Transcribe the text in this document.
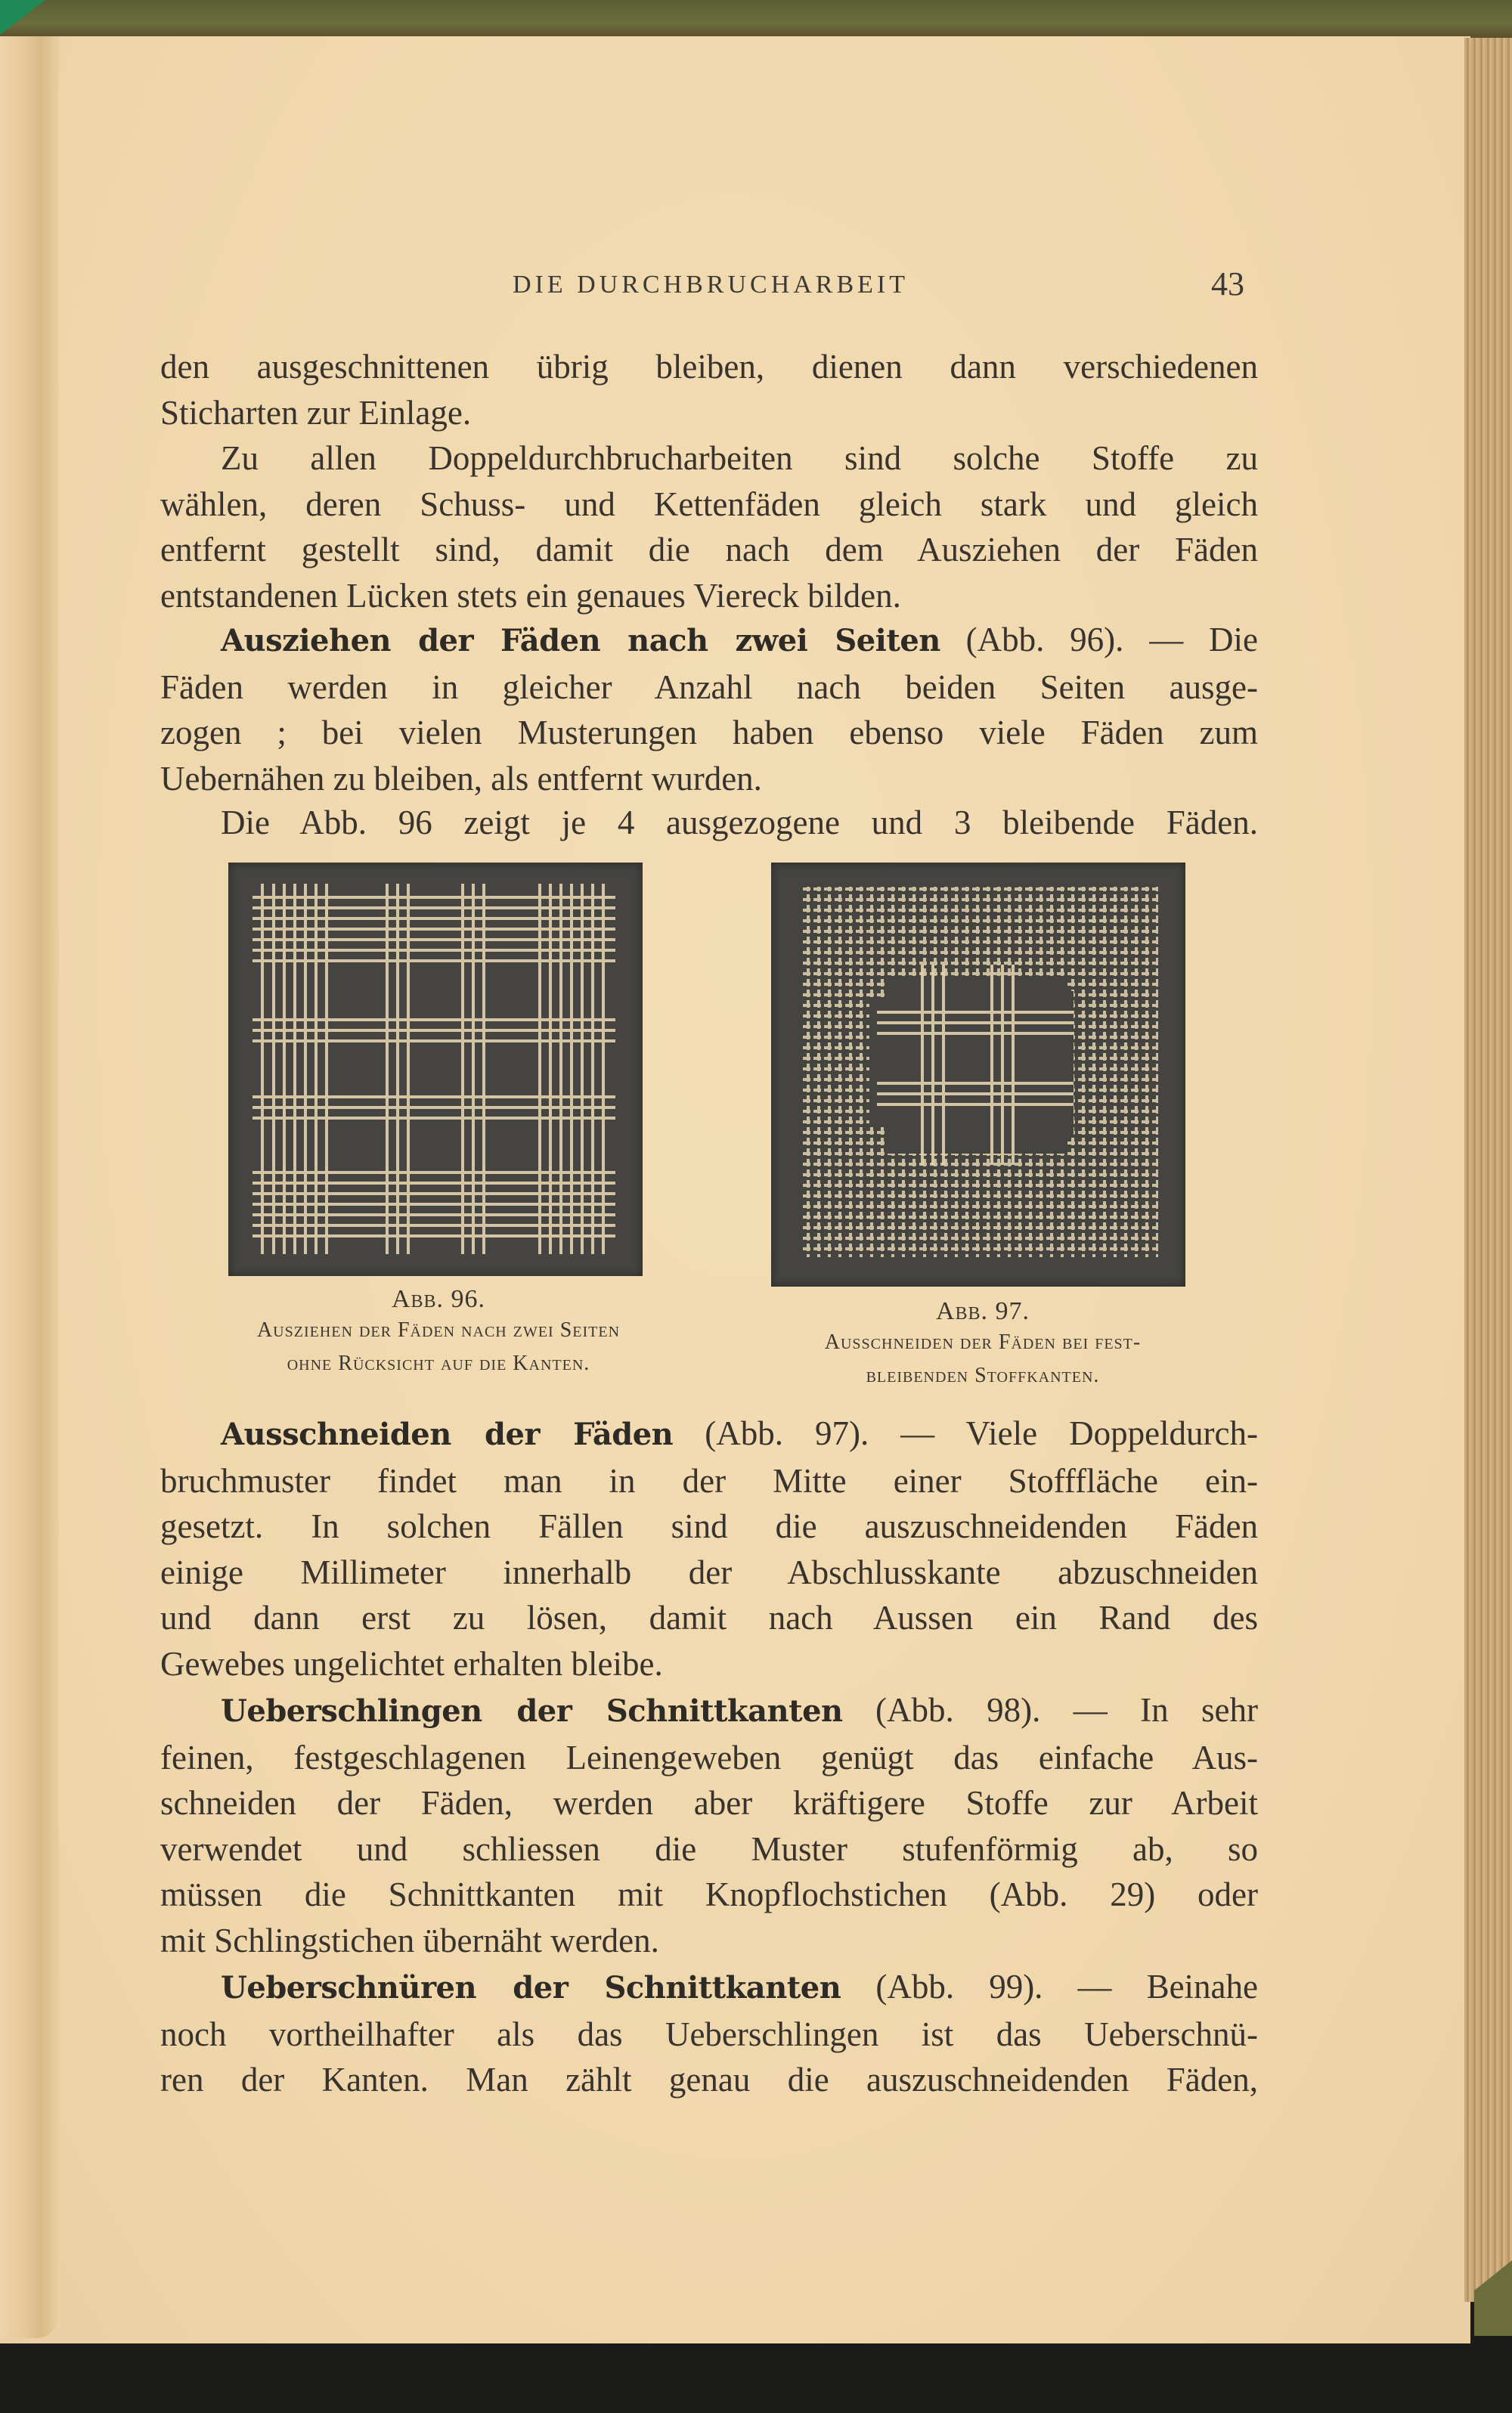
DIE DURCHBRUCHARBEIT	43
den ausgeschnittenen übrig bleiben, dienen dann verschiedenen
Sticharten zur Einlage.
Zu allen Doppeldurchbrucharbeiten sind solche Stoffe zu
wählen, deren Schuss- und Kettenfäden gleich stark und gleich
entfernt gestellt sind, damit die nach dem Ausziehen der Fäden
entstandenen Lücken stets ein genaues Viereck bilden.
Ausziehen der Fäden nach zwei Seiten (Abb. 96). — Die
Fäden werden in gleicher Anzahl nach beiden Seiten ausge-
zogen ; bei vielen Musterungen haben ebenso viele Fäden zum
Uebernähen zu bleiben, als entfernt wurden.
Die Abb. 96 zeigt je 4 ausgezogene und 3 bleibende Fäden.
Abb. 96.
Ausziehen der Fäden nach zwei Seiten
ohne Rücksicht auf die Kanten.
Abb. 97.
Ausschneiden der Fäden bei fest-
bleibenden Stoffkanten.
Ausschneiden der Fäden (Abb. 97). — Viele Doppeldurch-
bruchmuster findet man in der Mitte einer Stofffläche ein-
gesetzt. In solchen Fällen sind die auszuschneidenden Fäden
einige Millimeter innerhalb der Abschlusskante abzuschneiden
und dann erst zu lösen, damit nach Aussen ein Rand des
Gewebes ungelichtet erhalten bleibe.
Ueberschlingen der Schnittkanten (Abb. 98). — In sehr
feinen, festgeschlagenen Leinengeweben genügt das einfache Aus-
schneiden der Fäden, werden aber kräftigere Stoffe zur Arbeit
verwendet und schliessen die Muster stufenförmig ab, so
müssen die Schnittkanten mit Knopflochstichen (Abb. 29) oder
mit Schlingstichen übernäht werden.
Ueberschnüren der Schnittkanten (Abb. 99). — Beinahe
noch vortheilhafter als das Ueberschlingen ist das Ueberschnü-
ren der Kanten. Man zählt genau die auszuschneidenden Fäden,
